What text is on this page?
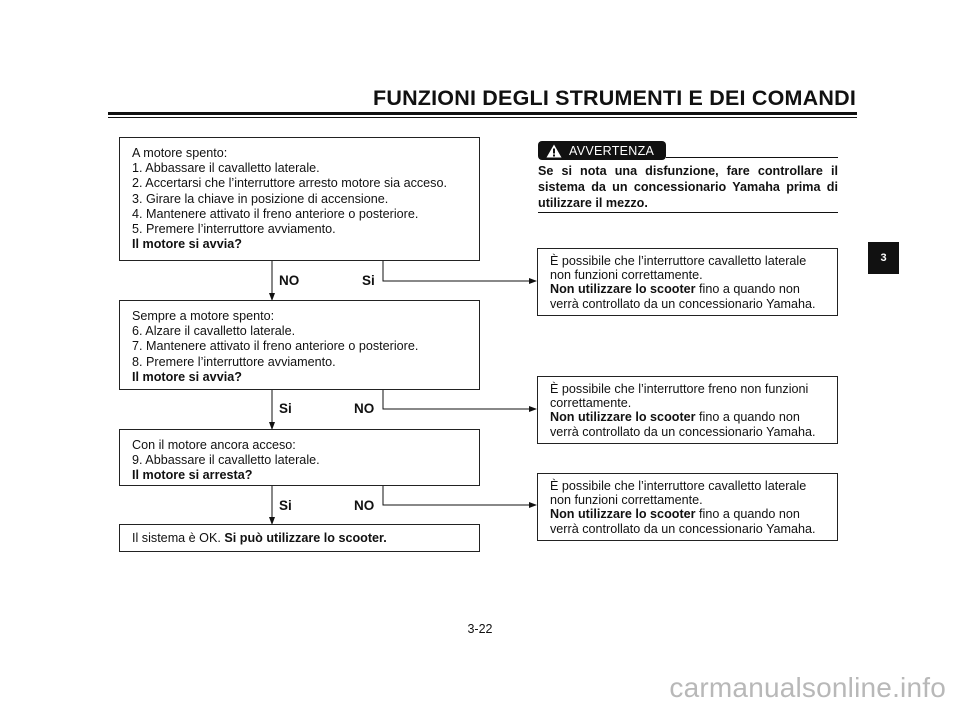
FUNZIONI DEGLI STRUMENTI E DEI COMANDI
3
A motore spento:
1. Abbassare il cavalletto laterale.
2. Accertarsi che l’interruttore arresto motore sia acceso.
3. Girare la chiave in posizione di accensione.
4. Mantenere attivato il freno anteriore o posteriore.
5. Premere l’interruttore avviamento.
Il motore si avvia?
NO	Si
Sempre a motore spento:
6. Alzare il cavalletto laterale.
7. Mantenere attivato il freno anteriore o posteriore.
8. Premere l’interruttore avviamento.
Il motore si avvia?
Si	NO
Con il motore ancora acceso:
9. Abbassare il cavalletto laterale.
Il motore si arresta?
Si	NO
Il sistema è OK. Si può utilizzare lo scooter.
AVVERTENZA
Se si nota una disfunzione, fare controllare il sistema da un concessionario Yamaha prima di utilizzare il mezzo.
È possibile che l’interruttore cavalletto laterale
non funzioni correttamente.
Non utilizzare lo scooter fino a quando non
verrà controllato da un concessionario Yamaha.
È possibile che l’interruttore freno non funzioni
correttamente.
Non utilizzare lo scooter fino a quando non
verrà controllato da un concessionario Yamaha.
È possibile che l’interruttore cavalletto laterale
non funzioni correttamente.
Non utilizzare lo scooter fino a quando non
verrà controllato da un concessionario Yamaha.
3-22
carmanualsonline.info
